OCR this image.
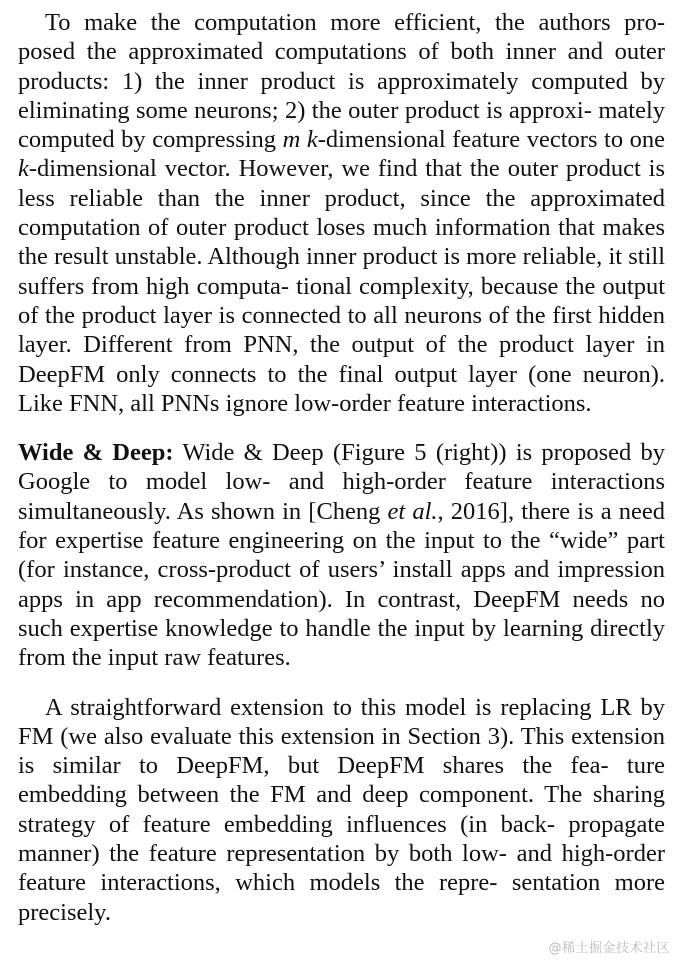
To make the computation more efficient, the authors pro- posed the approximated computations of both inner and outer products: 1) the inner product is approximately computed by eliminating some neurons; 2) the outer product is approxi- mately computed by compressing m k-dimensional feature vectors to one k-dimensional vector. However, we find that the outer product is less reliable than the inner product, since the approximated computation of outer product loses much information that makes the result unstable. Although inner product is more reliable, it still suffers from high computa- tional complexity, because the output of the product layer is connected to all neurons of the first hidden layer. Different from PNN, the output of the product layer in DeepFM only connects to the final output layer (one neuron). Like FNN, all PNNs ignore low-order feature interactions.

Wide & Deep: Wide & Deep (Figure 5 (right)) is proposed by Google to model low- and high-order feature interactions simultaneously. As shown in [Cheng et al., 2016], there is a need for expertise feature engineering on the input to the “wide” part (for instance, cross-product of users’ install apps and impression apps in app recommendation). In contrast, DeepFM needs no such expertise knowledge to handle the input by learning directly from the input raw features.

A straightforward extension to this model is replacing LR by FM (we also evaluate this extension in Section 3). This extension is similar to DeepFM, but DeepFM shares the fea- ture embedding between the FM and deep component. The sharing strategy of feature embedding influences (in back- propagate manner) the feature representation by both low- and high-order feature interactions, which models the repre- sentation more precisely.

@稀土掘金技术社区
